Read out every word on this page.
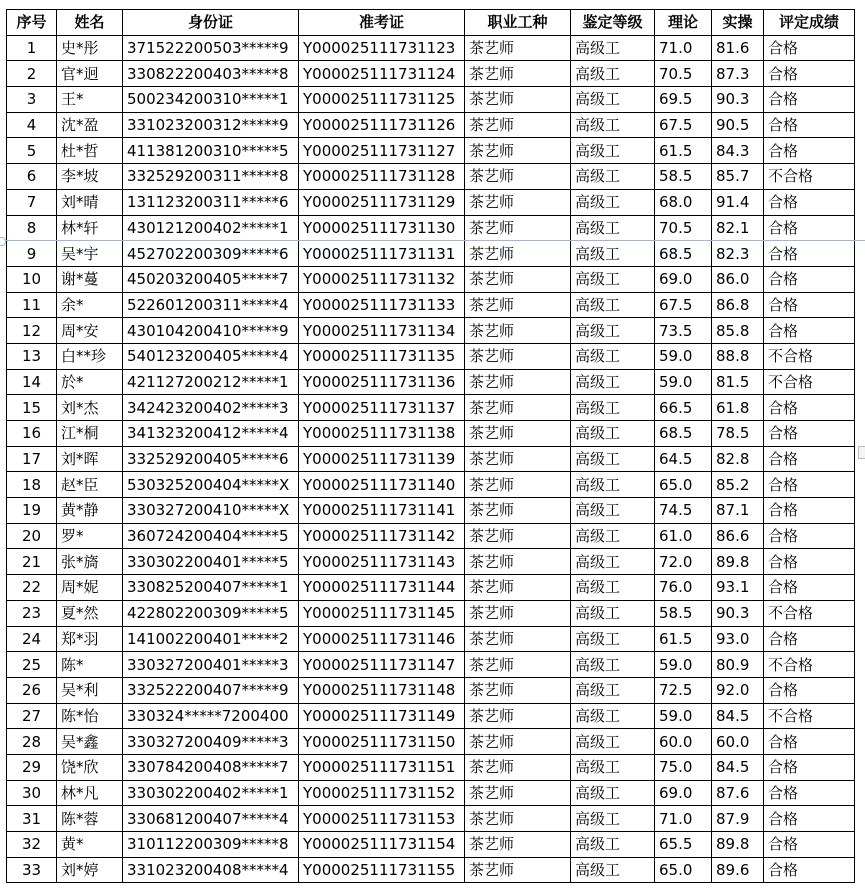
序号	姓名	身份证	准考证	职业工种	鉴定等级	理论	实操	评定成绩
1	史*彤	371522200503*****9	Y000025111731123	茶艺师	高级工	71.0	81.6	合格
2	官*迥	330822200403*****8	Y000025111731124	茶艺师	高级工	70.5	87.3	合格
3	王*	500234200310*****1	Y000025111731125	茶艺师	高级工	69.5	90.3	合格
4	沈*盈	331023200312*****9	Y000025111731126	茶艺师	高级工	67.5	90.5	合格
5	杜*哲	411381200310*****5	Y000025111731127	茶艺师	高级工	61.5	84.3	合格
6	李*坡	332529200311*****8	Y000025111731128	茶艺师	高级工	58.5	85.7	不合格
7	刘*晴	131123200311*****6	Y000025111731129	茶艺师	高级工	68.0	91.4	合格
8	林*轩	430121200402*****1	Y000025111731130	茶艺师	高级工	70.5	82.1	合格
9	吴*宇	452702200309*****6	Y000025111731131	茶艺师	高级工	68.5	82.3	合格
10	谢*蔓	450203200405*****7	Y000025111731132	茶艺师	高级工	69.0	86.0	合格
11	余*	522601200311*****4	Y000025111731133	茶艺师	高级工	67.5	86.8	合格
12	周*安	430104200410*****9	Y000025111731134	茶艺师	高级工	73.5	85.8	合格
13	白**珍	540123200405*****4	Y000025111731135	茶艺师	高级工	59.0	88.8	不合格
14	於*	421127200212*****1	Y000025111731136	茶艺师	高级工	59.0	81.5	不合格
15	刘*杰	342423200402*****3	Y000025111731137	茶艺师	高级工	66.5	61.8	合格
16	江*桐	341323200412*****4	Y000025111731138	茶艺师	高级工	68.5	78.5	合格
17	刘*晖	332529200405*****6	Y000025111731139	茶艺师	高级工	64.5	82.8	合格
18	赵*臣	530325200404*****X	Y000025111731140	茶艺师	高级工	65.0	85.2	合格
19	黄*静	330327200410*****X	Y000025111731141	茶艺师	高级工	74.5	87.1	合格
20	罗*	360724200404*****5	Y000025111731142	茶艺师	高级工	61.0	86.6	合格
21	张*旖	330302200401*****5	Y000025111731143	茶艺师	高级工	72.0	89.8	合格
22	周*妮	330825200407*****1	Y000025111731144	茶艺师	高级工	76.0	93.1	合格
23	夏*然	422802200309*****5	Y000025111731145	茶艺师	高级工	58.5	90.3	不合格
24	郑*羽	141002200401*****2	Y000025111731146	茶艺师	高级工	61.5	93.0	合格
25	陈*	330327200401*****3	Y000025111731147	茶艺师	高级工	59.0	80.9	不合格
26	吴*利	332522200407*****9	Y000025111731148	茶艺师	高级工	72.5	92.0	合格
27	陈*怡	330324*****7200400	Y000025111731149	茶艺师	高级工	59.0	84.5	不合格
28	吴*鑫	330327200409*****3	Y000025111731150	茶艺师	高级工	60.0	60.0	合格
29	饶*欣	330784200408*****7	Y000025111731151	茶艺师	高级工	75.0	84.5	合格
30	林*凡	330302200402*****1	Y000025111731152	茶艺师	高级工	69.0	87.6	合格
31	陈*蓉	330681200407*****4	Y000025111731153	茶艺师	高级工	71.0	87.9	合格
32	黄*	310112200309*****8	Y000025111731154	茶艺师	高级工	65.5	89.8	合格
33	刘*婷	331023200408*****4	Y000025111731155	茶艺师	高级工	65.0	89.6	合格
